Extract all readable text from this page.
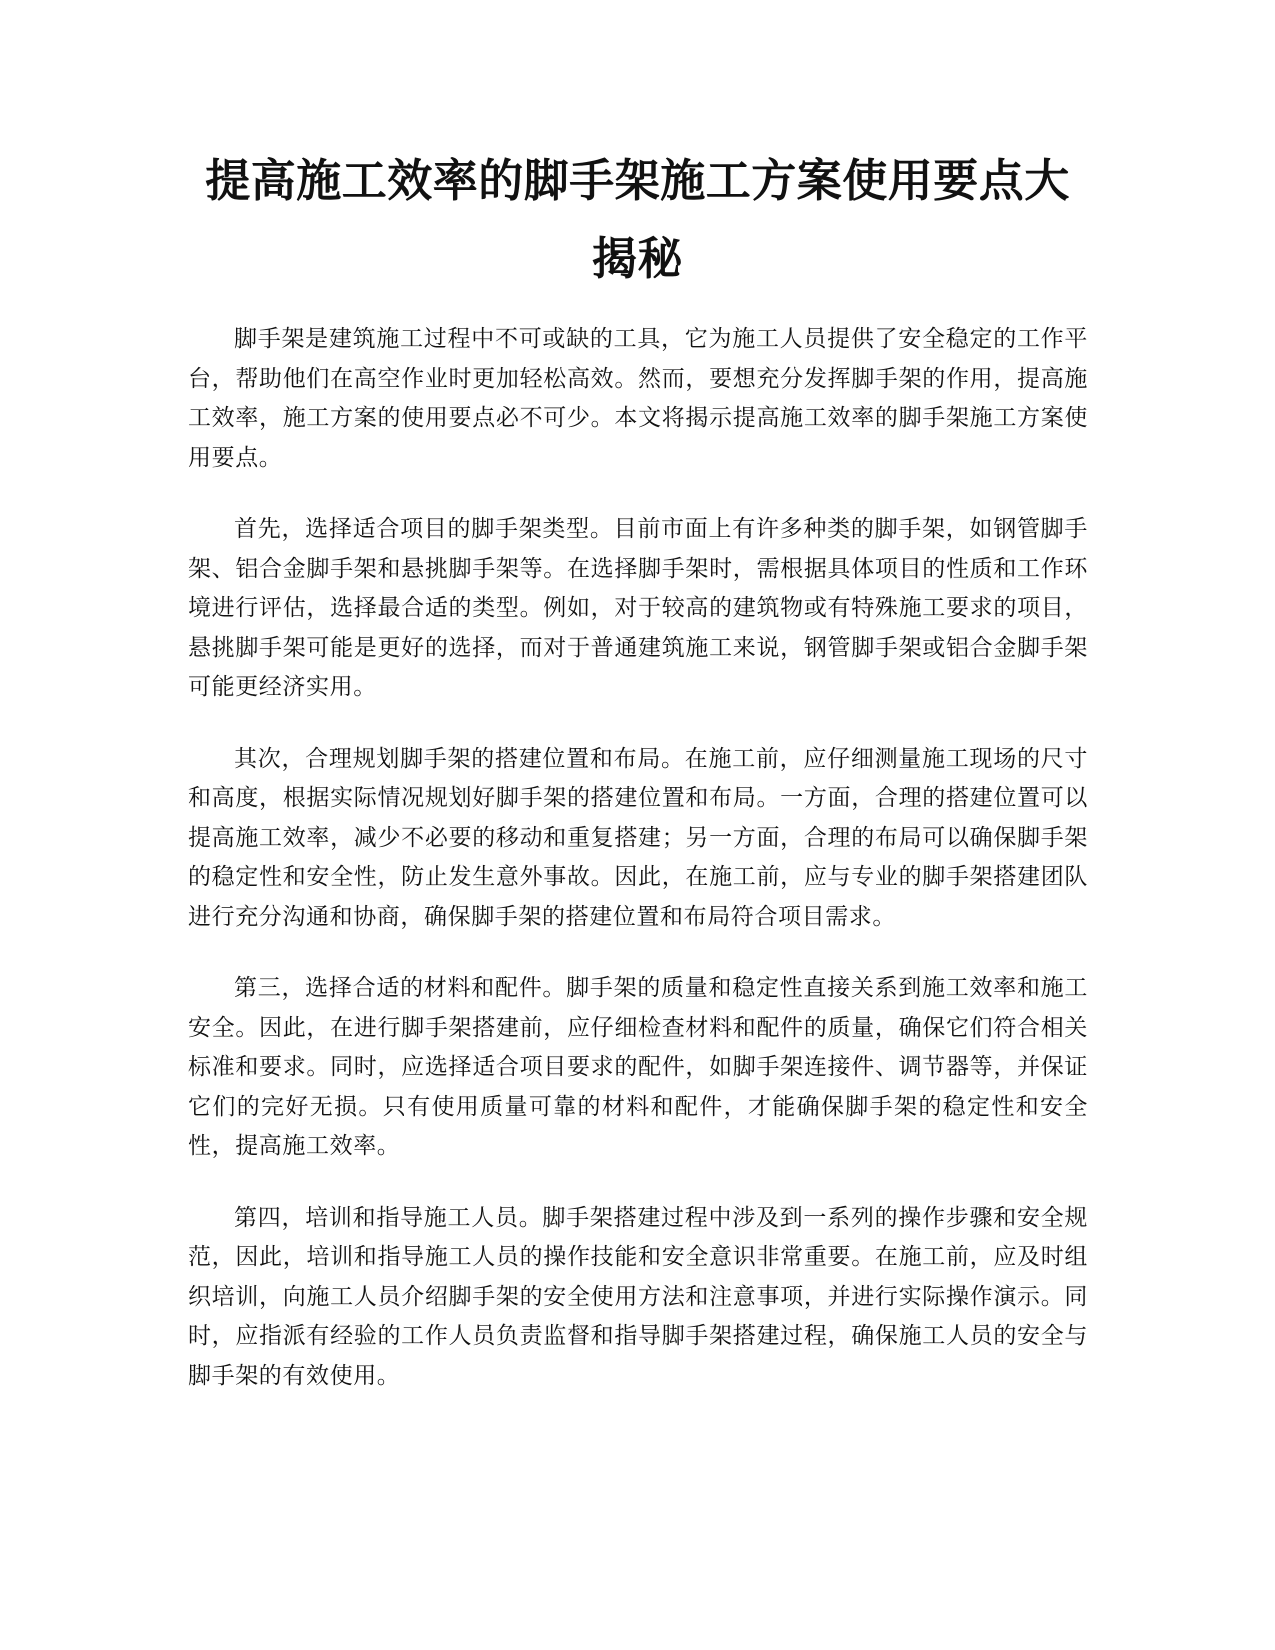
提高施工效率的脚手架施工方案使用要点大揭秘

脚手架是建筑施工过程中不可或缺的工具，它为施工人员提供了安全稳定的工作平台，帮助他们在高空作业时更加轻松高效。然而，要想充分发挥脚手架的作用，提高施工效率，施工方案的使用要点必不可少。本文将揭示提高施工效率的脚手架施工方案使用要点。

首先，选择适合项目的脚手架类型。目前市面上有许多种类的脚手架，如钢管脚手架、铝合金脚手架和悬挑脚手架等。在选择脚手架时，需根据具体项目的性质和工作环境进行评估，选择最合适的类型。例如，对于较高的建筑物或有特殊施工要求的项目，悬挑脚手架可能是更好的选择，而对于普通建筑施工来说，钢管脚手架或铝合金脚手架可能更经济实用。

其次，合理规划脚手架的搭建位置和布局。在施工前，应仔细测量施工现场的尺寸和高度，根据实际情况规划好脚手架的搭建位置和布局。一方面，合理的搭建位置可以提高施工效率，减少不必要的移动和重复搭建；另一方面，合理的布局可以确保脚手架的稳定性和安全性，防止发生意外事故。因此，在施工前，应与专业的脚手架搭建团队进行充分沟通和协商，确保脚手架的搭建位置和布局符合项目需求。

第三，选择合适的材料和配件。脚手架的质量和稳定性直接关系到施工效率和施工安全。因此，在进行脚手架搭建前，应仔细检查材料和配件的质量，确保它们符合相关标准和要求。同时，应选择适合项目要求的配件，如脚手架连接件、调节器等，并保证它们的完好无损。只有使用质量可靠的材料和配件，才能确保脚手架的稳定性和安全性，提高施工效率。

第四，培训和指导施工人员。脚手架搭建过程中涉及到一系列的操作步骤和安全规范，因此，培训和指导施工人员的操作技能和安全意识非常重要。在施工前，应及时组织培训，向施工人员介绍脚手架的安全使用方法和注意事项，并进行实际操作演示。同时，应指派有经验的工作人员负责监督和指导脚手架搭建过程，确保施工人员的安全与脚手架的有效使用。
